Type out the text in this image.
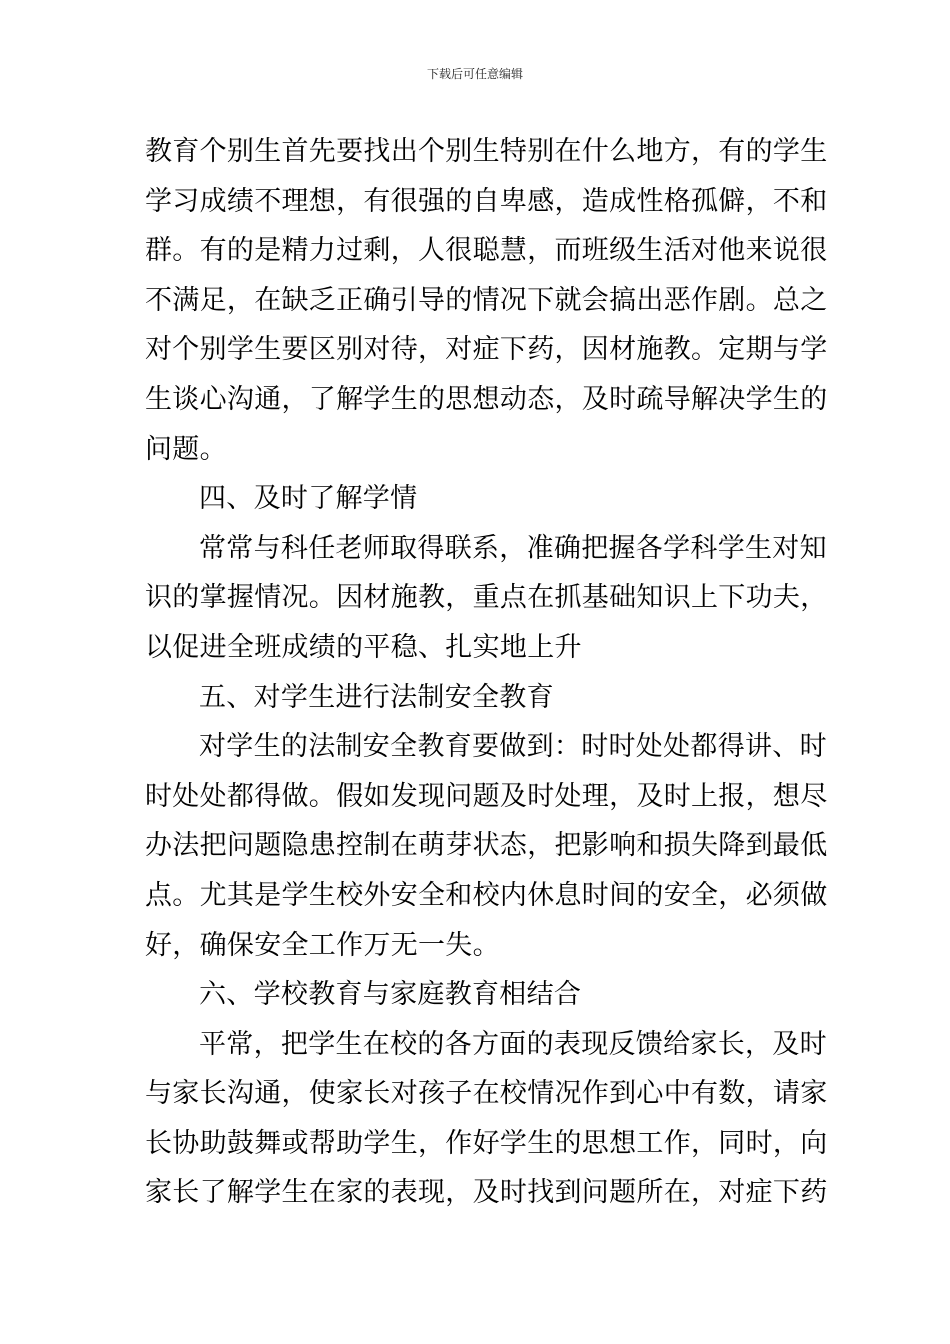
下载后可任意编辑
教育个别生首先要找出个别生特别在什么地方，有的学生
学习成绩不理想，有很强的自卑感，造成性格孤僻，不和
群。有的是精力过剩，人很聪慧，而班级生活对他来说很
不满足，在缺乏正确引导的情况下就会搞出恶作剧。总之
对个别学生要区别对待，对症下药，因材施教。定期与学
生谈心沟通，了解学生的思想动态，及时疏导解决学生的
问题。
四、及时了解学情
常常与科任老师取得联系，准确把握各学科学生对知
识的掌握情况。因材施教，重点在抓基础知识上下功夫，
以促进全班成绩的平稳、扎实地上升
五、对学生进行法制安全教育
对学生的法制安全教育要做到：时时处处都得讲、时
时处处都得做。假如发现问题及时处理，及时上报，想尽
办法把问题隐患控制在萌芽状态，把影响和损失降到最低
点。尤其是学生校外安全和校内休息时间的安全，必须做
好，确保安全工作万无一失。
六、学校教育与家庭教育相结合
平常，把学生在校的各方面的表现反馈给家长，及时
与家长沟通，使家长对孩子在校情况作到心中有数，请家
长协助鼓舞或帮助学生，作好学生的思想工作，同时，向
家长了解学生在家的表现，及时找到问题所在，对症下药
